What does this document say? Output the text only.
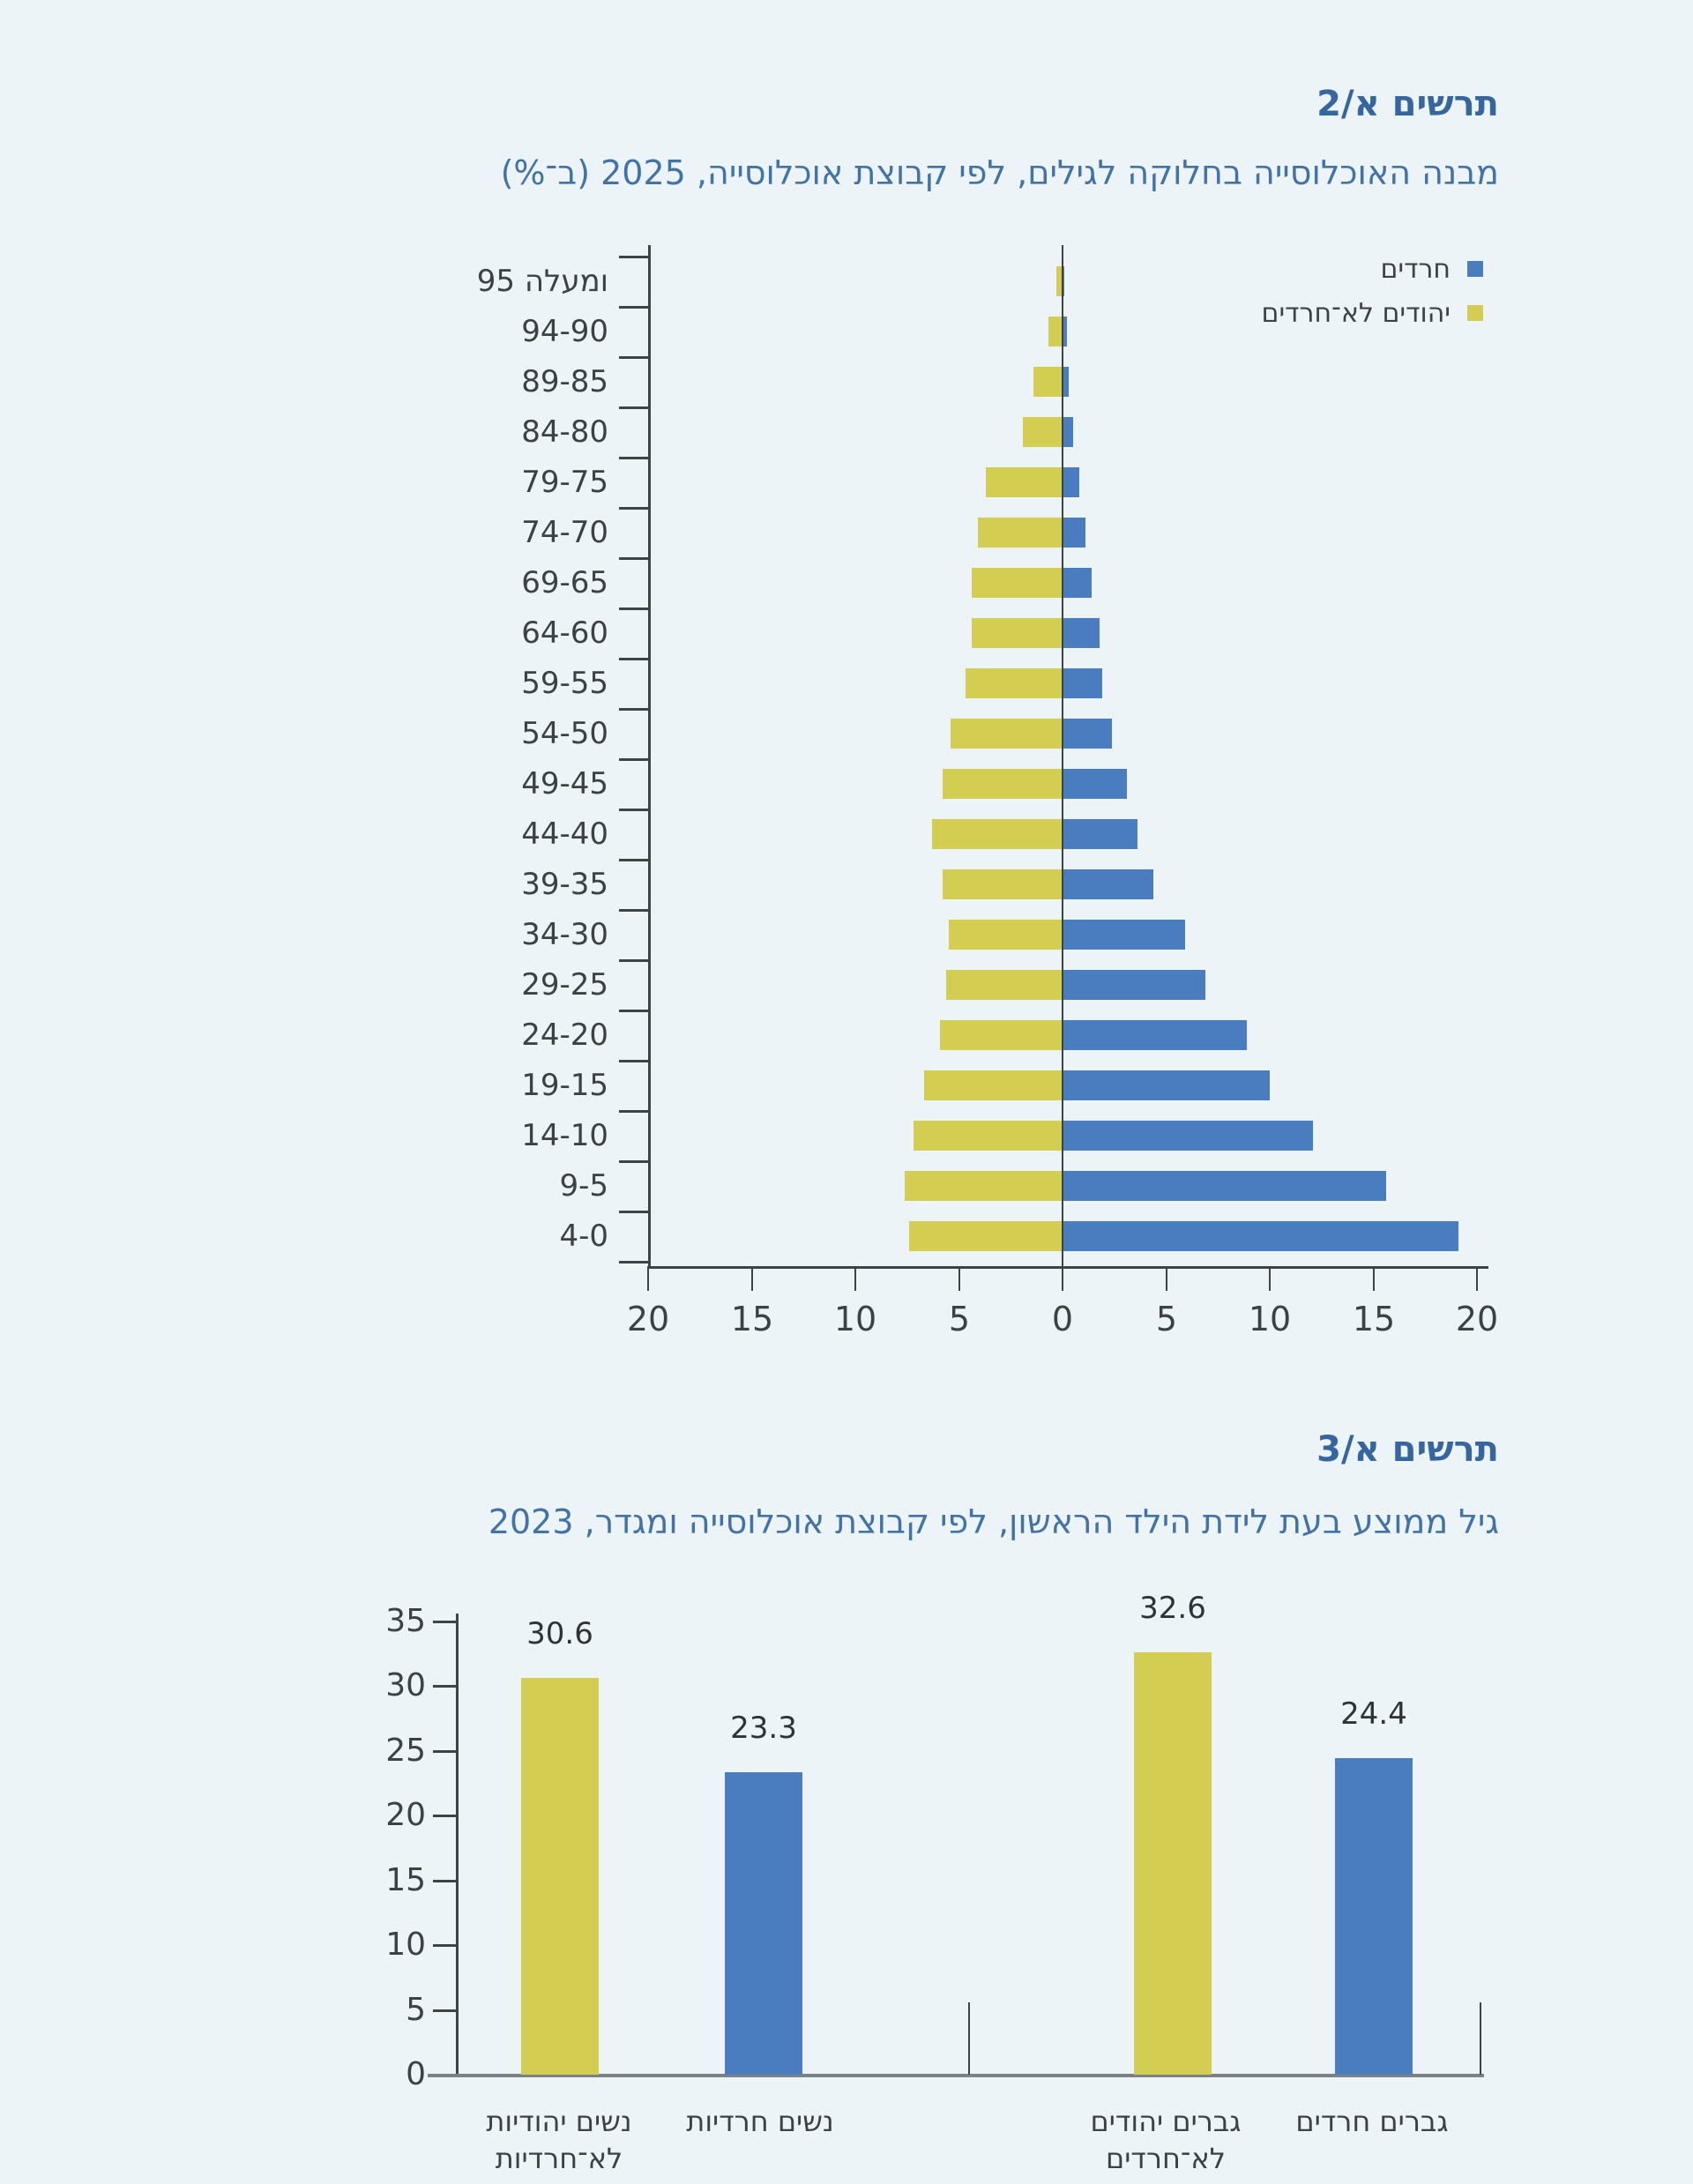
תרשים א/2
מבנה האוכלוסייה בחלוקה לגילים, לפי קבוצת אוכלוסייה, 2025 (ב־%)
95 ומעלה
94-90
89-85
84-80
79-75
74-70
69-65
64-60
59-55
54-50
49-45
44-40
39-35
34-30
29-25
24-20
19-15
14-10
9-5
4-0
20	15	10	5	0	5	10	15	20
חרדים
יהודים לא־חרדים
תרשים א/3
גיל ממוצע בעת לידת הילד הראשון, לפי קבוצת אוכלוסייה ומגדר, 2023
0
5
10
15
20
25
30
35	30.6
נשים יהודיות
לא־חרדיות
23.3
נשים חרדיות
32.6
גברים יהודים
לא־חרדים
24.4
גברים חרדים
